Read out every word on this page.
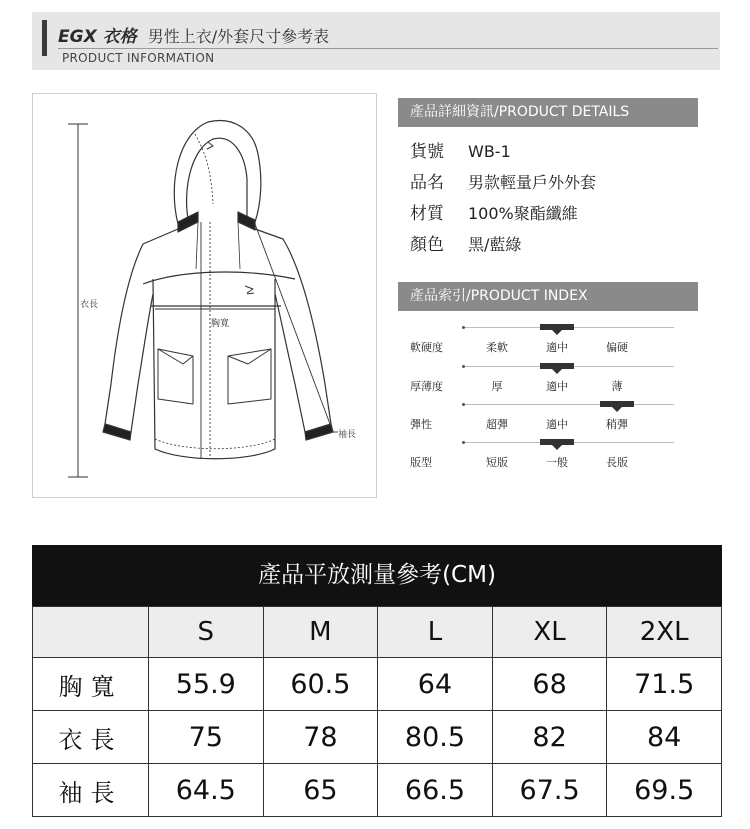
EGX 衣格 男性上衣/外套尺寸參考表
PRODUCT INFORMATION
衣長
胸寬
袖長
產品詳細資訊/PRODUCT DETAILS
貨號 WB-1
品名 男款輕量戶外外套
材質 100%聚酯纖維
顏色 黑/藍綠
產品索引/PRODUCT INDEX
軟硬度	柔軟	適中	偏硬
厚薄度	厚	適中	薄
彈性	超彈	適中	稍彈
版型	短版	一般	長版
產品平放測量參考(CM)
	S	M	L	XL	2XL
胸寬	55.9	60.5	64	68	71.5
衣長	75	78	80.5	82	84
袖長	64.5	65	66.5	67.5	69.5
